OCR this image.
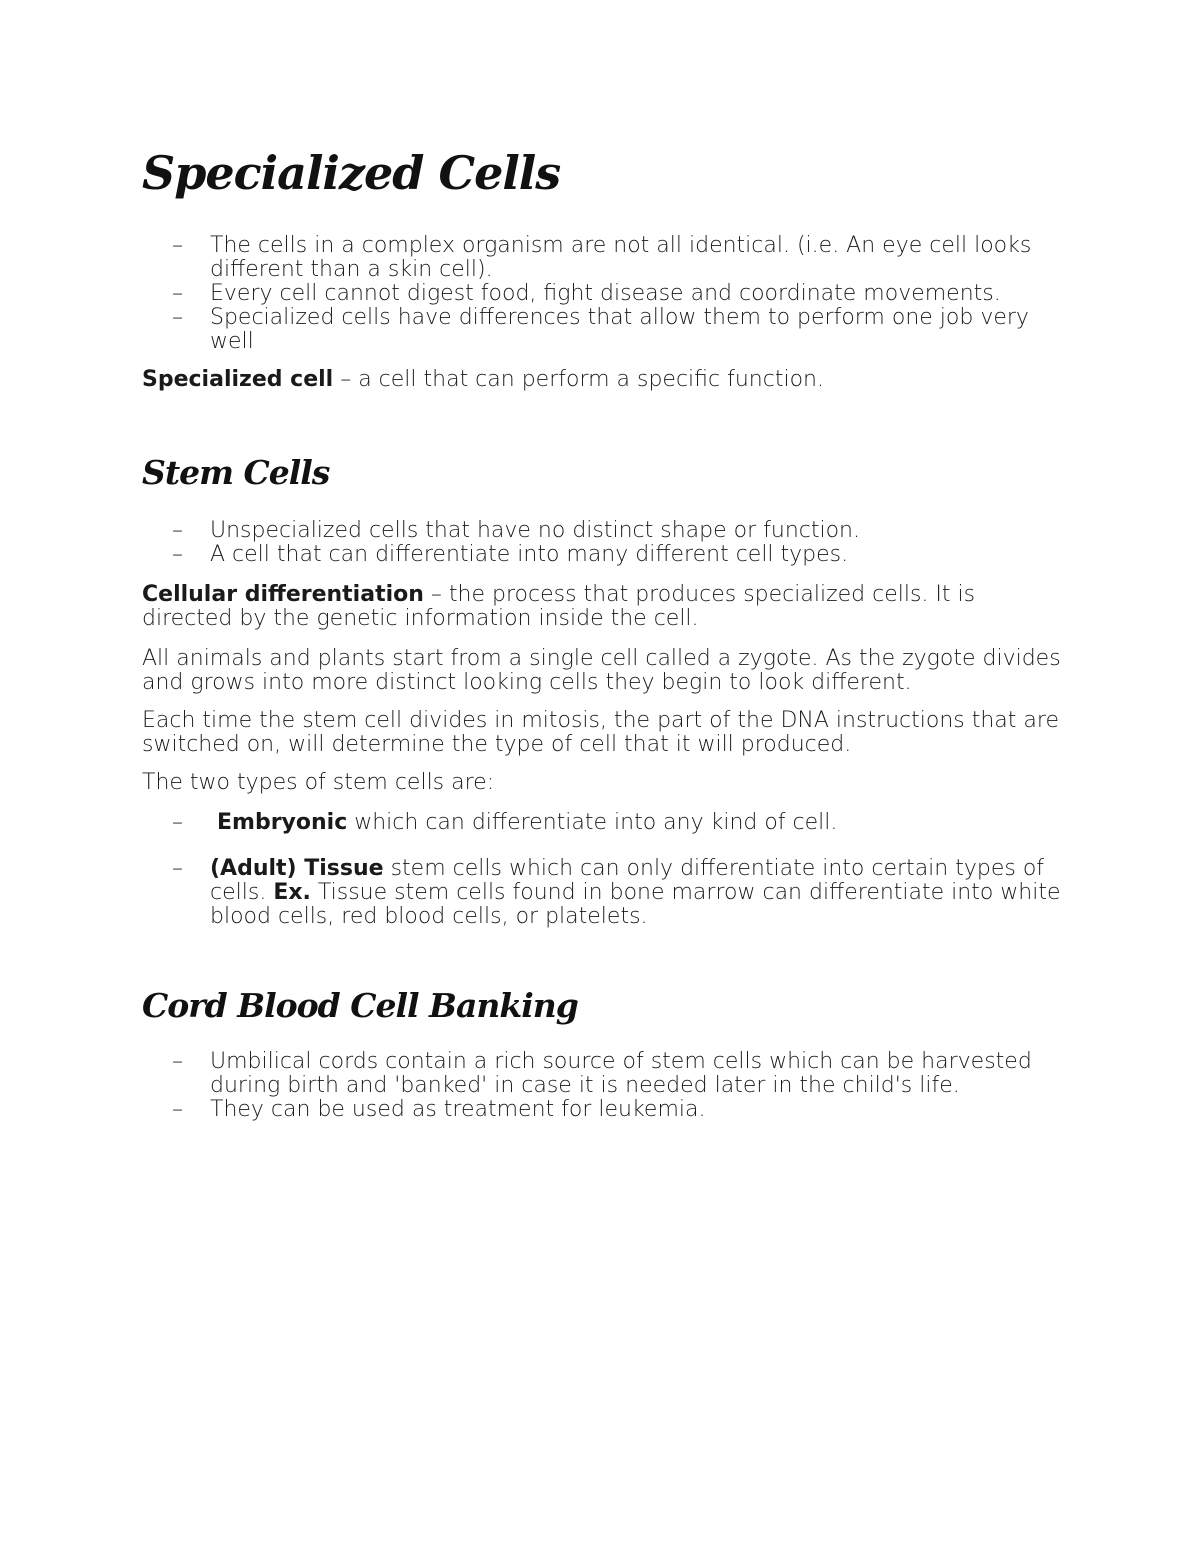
Specialized Cells
– The cells in a complex organism are not all identical. (i.e. An eye cell looks different than a skin cell).
– Every cell cannot digest food, fight disease and coordinate movements.
– Specialized cells have differences that allow them to perform one job very well

Specialized cell – a cell that can perform a specific function.

Stem Cells
– Unspecialized cells that have no distinct shape or function.
– A cell that can differentiate into many different cell types.

Cellular differentiation – the process that produces specialized cells. It is directed by the genetic information inside the cell.

All animals and plants start from a single cell called a zygote. As the zygote divides and grows into more distinct looking cells they begin to look different.

Each time the stem cell divides in mitosis, the part of the DNA instructions that are switched on, will determine the type of cell that it will produced.

The two types of stem cells are:

– Embryonic which can differentiate into any kind of cell.
– (Adult) Tissue stem cells which can only differentiate into certain types of cells. Ex. Tissue stem cells found in bone marrow can differentiate into white blood cells, red blood cells, or platelets.
Cord Blood Cell Banking
– Umbilical cords contain a rich source of stem cells which can be harvested during birth and 'banked' in case it is needed later in the child's life.
– They can be used as treatment for leukemia.
